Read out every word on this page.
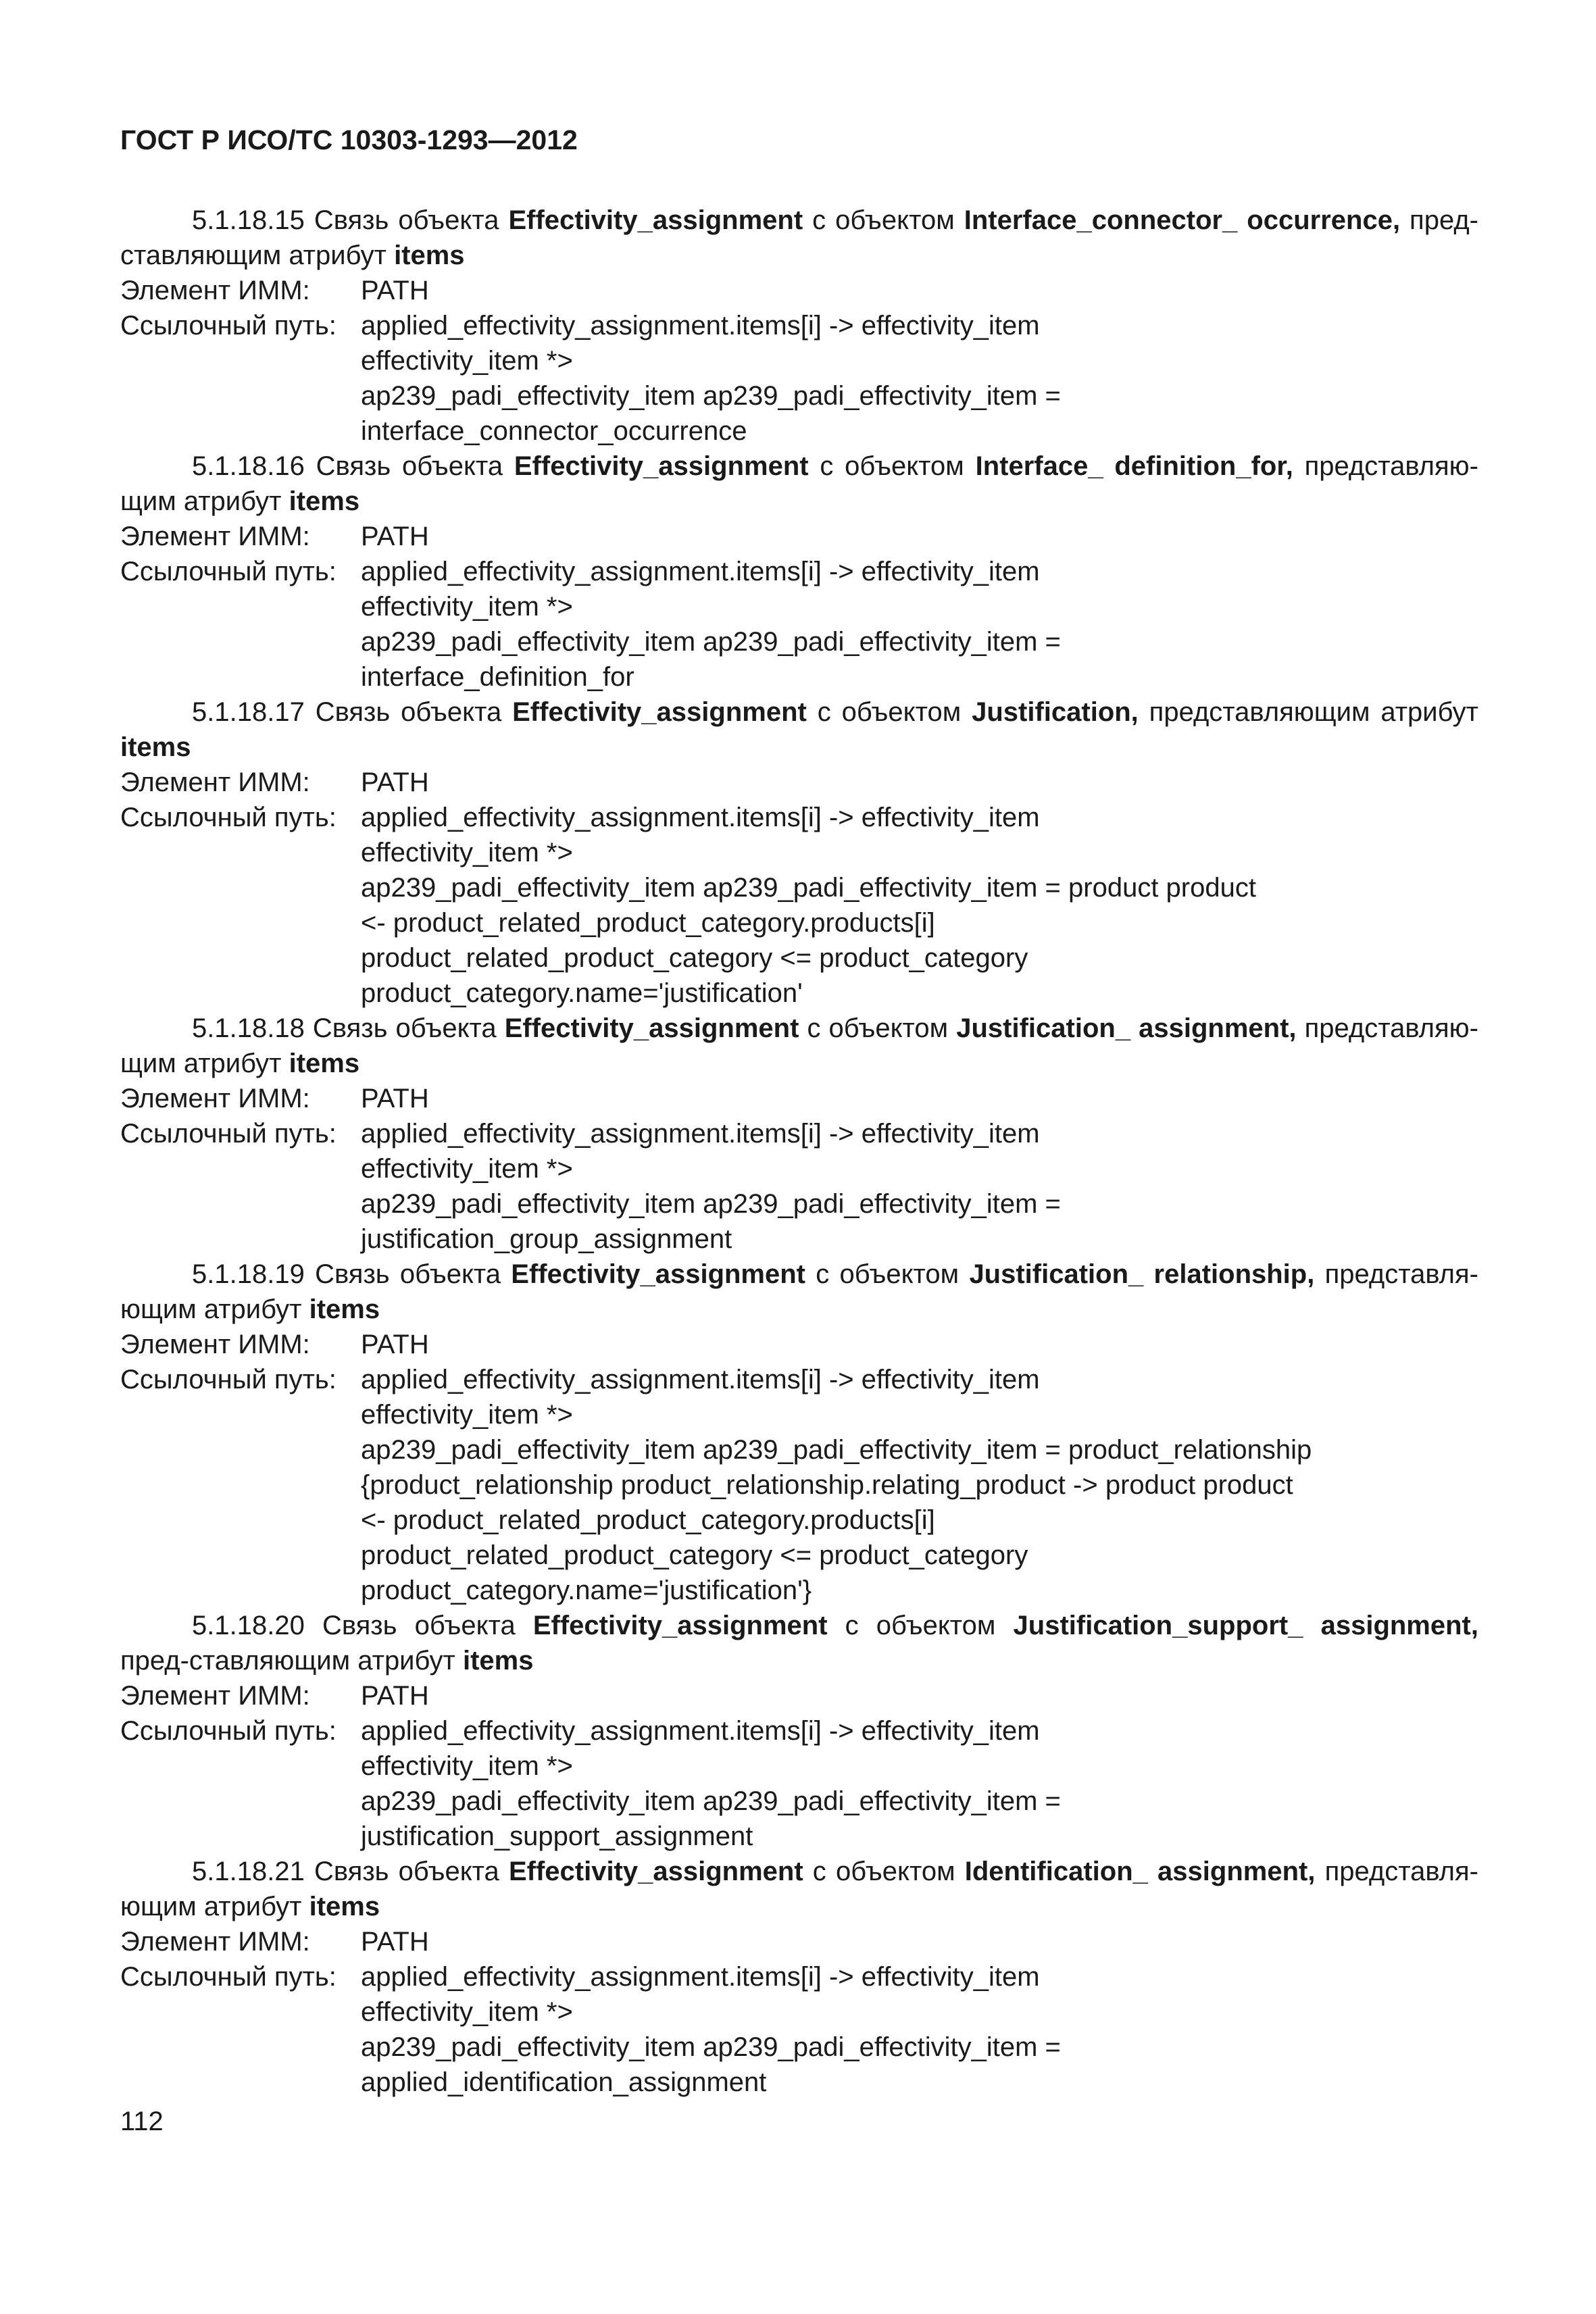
ГОСТ Р ИСО/ТС 10303-1293—2012
5.1.18.15 Связь объекта Effectivity_assignment с объектом Interface_connector_ occurrence, пред-ставляющим атрибут items
Элемент ИММ:	PATH
Ссылочный путь: applied_effectivity_assignment.items[i] -> effectivity_item
effectivity_item *>
ap239_padi_effectivity_item ap239_padi_effectivity_item =
interface_connector_occurrence
5.1.18.16 Связь объекта Effectivity_assignment с объектом Interface_ definition_for, представляю-щим атрибут items
Элемент ИММ:	PATH
Ссылочный путь: applied_effectivity_assignment.items[i] -> effectivity_item
effectivity_item *>
ap239_padi_effectivity_item ap239_padi_effectivity_item =
interface_definition_for
5.1.18.17 Связь объекта Effectivity_assignment с объектом Justification, представляющим атрибут items
Элемент ИММ:	PATH
Ссылочный путь: applied_effectivity_assignment.items[i] -> effectivity_item
effectivity_item *>
ap239_padi_effectivity_item ap239_padi_effectivity_item = product product
<- product_related_product_category.products[i]
product_related_product_category <= product_category
product_category.name='justification'
5.1.18.18 Связь объекта Effectivity_assignment с объектом Justification_ assignment, представляю-щим атрибут items
Элемент ИММ:	PATH
Ссылочный путь: applied_effectivity_assignment.items[i] -> effectivity_item
effectivity_item *>
ap239_padi_effectivity_item ap239_padi_effectivity_item =
justification_group_assignment
5.1.18.19 Связь объекта Effectivity_assignment с объектом Justification_ relationship, представля-ющим атрибут items
Элемент ИММ:	PATH
Ссылочный путь: applied_effectivity_assignment.items[i] -> effectivity_item
effectivity_item *>
ap239_padi_effectivity_item ap239_padi_effectivity_item = product_relationship
{product_relationship product_relationship.relating_product -> product product
<- product_related_product_category.products[i]
product_related_product_category <= product_category
product_category.name='justification'}
5.1.18.20 Связь объекта Effectivity_assignment с объектом Justification_support_ assignment, пред-ставляющим атрибут items
Элемент ИММ:	PATH
Ссылочный путь: applied_effectivity_assignment.items[i] -> effectivity_item
effectivity_item *>
ap239_padi_effectivity_item ap239_padi_effectivity_item =
justification_support_assignment
5.1.18.21 Связь объекта Effectivity_assignment с объектом Identification_ assignment, представля-ющим атрибут items
Элемент ИММ:	PATH
Ссылочный путь: applied_effectivity_assignment.items[i] -> effectivity_item
effectivity_item *>
ap239_padi_effectivity_item ap239_padi_effectivity_item =
applied_identification_assignment
112
